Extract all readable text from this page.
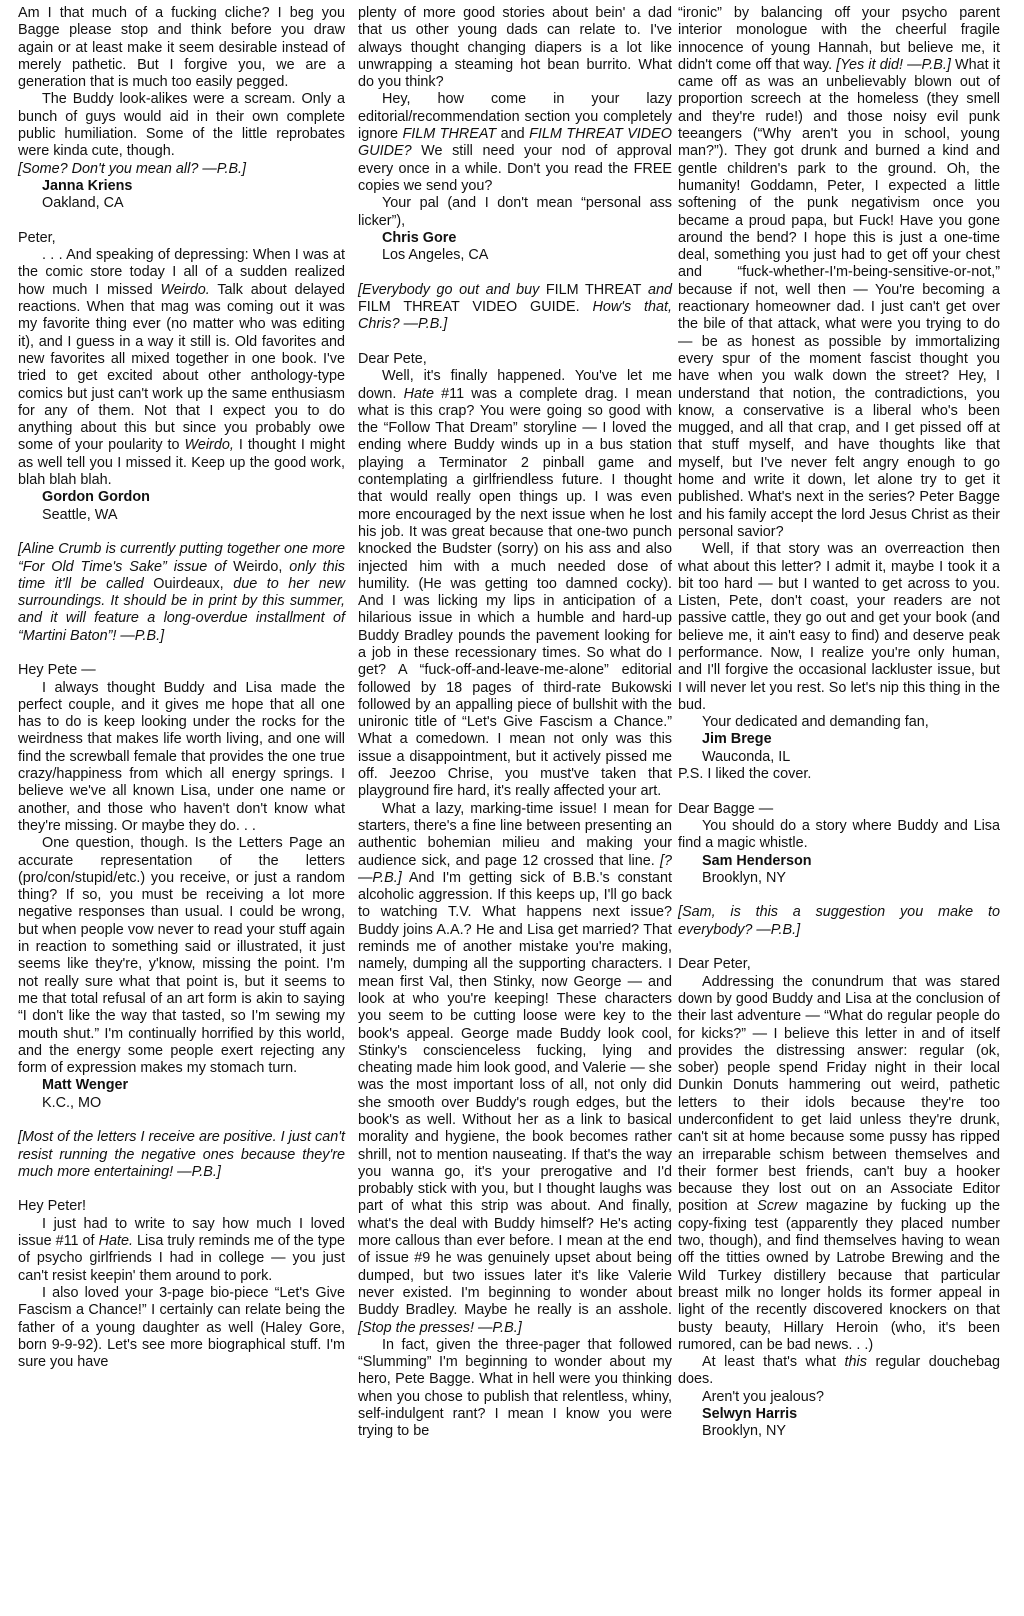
Am I that much of a fucking cliche? I beg you Bagge please stop and think before you draw again or at least make it seem desirable instead of merely pathetic. But I forgive you, we are a generation that is much too easily pegged.

The Buddy look-alikes were a scream. Only a bunch of guys would aid in their own complete public humiliation. Some of the little reprobates were kinda cute, though.

[Some? Don't you mean all? —P.B.]

Janna Kriens

Oakland, CA

Peter,

. . . And speaking of depressing: When I was at the comic store today I all of a sudden realized how much I missed Weirdo. Talk about delayed reactions. When that mag was coming out it was my favorite thing ever (no matter who was editing it), and I guess in a way it still is. Old favorites and new favorites all mixed together in one book. I've tried to get excited about other anthology-type comics but just can't work up the same enthusiasm for any of them. Not that I expect you to do anything about this but since you probably owe some of your poularity to Weirdo, I thought I might as well tell you I missed it. Keep up the good work, blah blah blah.

Gordon Gordon

Seattle, WA

[Aline Crumb is currently putting together one more “For Old Time's Sake” issue of Weirdo, only this time it'll be called Ouirdeaux, due to her new surroundings. It should be in print by this summer, and it will feature a long-overdue installment of “Martini Baton”! —P.B.]

Hey Pete —

I always thought Buddy and Lisa made the perfect couple, and it gives me hope that all one has to do is keep looking under the rocks for the weirdness that makes life worth living, and one will find the screwball female that provides the one true crazy/happiness from which all energy springs. I believe we've all known Lisa, under one name or another, and those who haven't don't know what they're missing. Or maybe they do. . .

One question, though. Is the Letters Page an accurate representation of the letters (pro/con/stupid/etc.) you receive, or just a random thing? If so, you must be receiving a lot more negative responses than usual. I could be wrong, but when people vow never to read your stuff again in reaction to something said or illustrated, it just seems like they're, y'know, missing the point. I'm not really sure what that point is, but it seems to me that total refusal of an art form is akin to saying “I don't like the way that tasted, so I'm sewing my mouth shut.” I'm continually horrified by this world, and the energy some people exert rejecting any form of expression makes my stomach turn.

Matt Wenger

K.C., MO

[Most of the letters I receive are positive. I just can't resist running the negative ones because they're much more entertaining! —P.B.]

Hey Peter!

I just had to write to say how much I loved issue #11 of Hate. Lisa truly reminds me of the type of psycho girlfriends I had in college — you just can't resist keepin' them around to pork.

I also loved your 3-page bio-piece “Let's Give Fascism a Chance!” I certainly can relate being the father of a young daughter as well (Haley Gore, born 9-9-92). Let's see more biographical stuff. I'm sure you have

plenty of more good stories about bein' a dad that us other young dads can relate to. I've always thought changing diapers is a lot like unwrapping a steaming hot bean burrito. What do you think?

Hey, how come in your lazy editorial/recommendation section you completely ignore FILM THREAT and FILM THREAT VIDEO GUIDE? We still need your nod of approval every once in a while. Don't you read the FREE copies we send you?

Your pal (and I don't mean “personal ass licker”),

Chris Gore

Los Angeles, CA

[Everybody go out and buy FILM THREAT and FILM THREAT VIDEO GUIDE. How's that, Chris? —P.B.]

Dear Pete,

Well, it's finally happened. You've let me down. Hate #11 was a complete drag. I mean what is this crap? You were going so good with the “Follow That Dream” storyline — I loved the ending where Buddy winds up in a bus station playing a Terminator 2 pinball game and contemplating a girlfriendless future. I thought that would really open things up. I was even more encouraged by the next issue when he lost his job. It was great because that one-two punch knocked the Budster (sorry) on his ass and also injected him with a much needed dose of humility. (He was getting too damned cocky). And I was licking my lips in anticipation of a hilarious issue in which a humble and hard-up Buddy Bradley pounds the pavement looking for a job in these recessionary times. So what do I get? A “fuck-off-and-leave-me-alone” editorial followed by 18 pages of third-rate Bukowski followed by an appalling piece of bullshit with the unironic title of “Let's Give Fascism a Chance.” What a comedown. I mean not only was this issue a disappointment, but it actively pissed me off. Jeezoo Chrise, you must've taken that playground fire hard, it's really affected your art.

What a lazy, marking-time issue! I mean for starters, there's a fine line between presenting an authentic bohemian milieu and making your audience sick, and page 12 crossed that line. [? —P.B.] And I'm getting sick of B.B.'s constant alcoholic aggression. If this keeps up, I'll go back to watching T.V. What happens next issue? Buddy joins A.A.? He and Lisa get married? That reminds me of another mistake you're making, namely, dumping all the supporting characters. I mean first Val, then Stinky, now George — and look at who you're keeping! These characters you seem to be cutting loose were key to the book's appeal. George made Buddy look cool, Stinky's conscienceless fucking, lying and cheating made him look good, and Valerie — she was the most important loss of all, not only did she smooth over Buddy's rough edges, but the book's as well. Without her as a link to basical morality and hygiene, the book becomes rather shrill, not to mention nauseating. If that's the way you wanna go, it's your prerogative and I'd probably stick with you, but I thought laughs was part of what this strip was about. And finally, what's the deal with Buddy himself? He's acting more callous than ever before. I mean at the end of issue #9 he was genuinely upset about being dumped, but two issues later it's like Valerie never existed. I'm beginning to wonder about Buddy Bradley. Maybe he really is an asshole. [Stop the presses! —P.B.]

In fact, given the three-pager that followed “Slumming” I'm beginning to wonder about my hero, Pete Bagge. What in hell were you thinking when you chose to publish that relentless, whiny, self-indulgent rant? I mean I know you were trying to be

“ironic” by balancing off your psycho parent interior monologue with the cheerful fragile innocence of young Hannah, but believe me, it didn't come off that way. [Yes it did! —P.B.] What it came off as was an unbelievably blown out of proportion screech at the homeless (they smell and they're rude!) and those noisy evil punk teeangers (“Why aren't you in school, young man?”). They got drunk and burned a kind and gentle children's park to the ground. Oh, the humanity! Goddamn, Peter, I expected a little softening of the punk negativism once you became a proud papa, but Fuck! Have you gone around the bend? I hope this is just a one-time deal, something you just had to get off your chest and “fuck-whether-I'm-being-sensitive-or-not,” because if not, well then — You're becoming a reactionary homeowner dad. I just can't get over the bile of that attack, what were you trying to do — be as honest as possible by immortalizing every spur of the moment fascist thought you have when you walk down the street? Hey, I understand that notion, the contradictions, you know, a conservative is a liberal who's been mugged, and all that crap, and I get pissed off at that stuff myself, and have thoughts like that myself, but I've never felt angry enough to go home and write it down, let alone try to get it published. What's next in the series? Peter Bagge and his family accept the lord Jesus Christ as their personal savior?

Well, if that story was an overreaction then what about this letter? I admit it, maybe I took it a bit too hard — but I wanted to get across to you. Listen, Pete, don't coast, your readers are not passive cattle, they go out and get your book (and believe me, it ain't easy to find) and deserve peak performance. Now, I realize you're only human, and I'll forgive the occasional lackluster issue, but I will never let you rest. So let's nip this thing in the bud.

Your dedicated and demanding fan,

Jim Brege

Wauconda, IL

P.S. I liked the cover.

Dear Bagge —

You should do a story where Buddy and Lisa find a magic whistle.

Sam Henderson

Brooklyn, NY

[Sam, is this a suggestion you make to everybody? —P.B.]

Dear Peter,

Addressing the conundrum that was stared down by good Buddy and Lisa at the conclusion of their last adventure — “What do regular people do for kicks?” — I believe this letter in and of itself provides the distressing answer: regular (ok, sober) people spend Friday night in their local Dunkin Donuts hammering out weird, pathetic letters to their idols because they're too underconfident to get laid unless they're drunk, can't sit at home because some pussy has ripped an irreparable schism between themselves and their former best friends, can't buy a hooker because they lost out on an Associate Editor position at Screw magazine by fucking up the copy-fixing test (apparently they placed number two, though), and find themselves having to wean off the titties owned by Latrobe Brewing and the Wild Turkey distillery because that particular breast milk no longer holds its former appeal in light of the recently discovered knockers on that busty beauty, Hillary Heroin (who, it's been rumored, can be bad news. . .)

At least that's what this regular douchebag does.

Aren't you jealous?

Selwyn Harris

Brooklyn, NY
